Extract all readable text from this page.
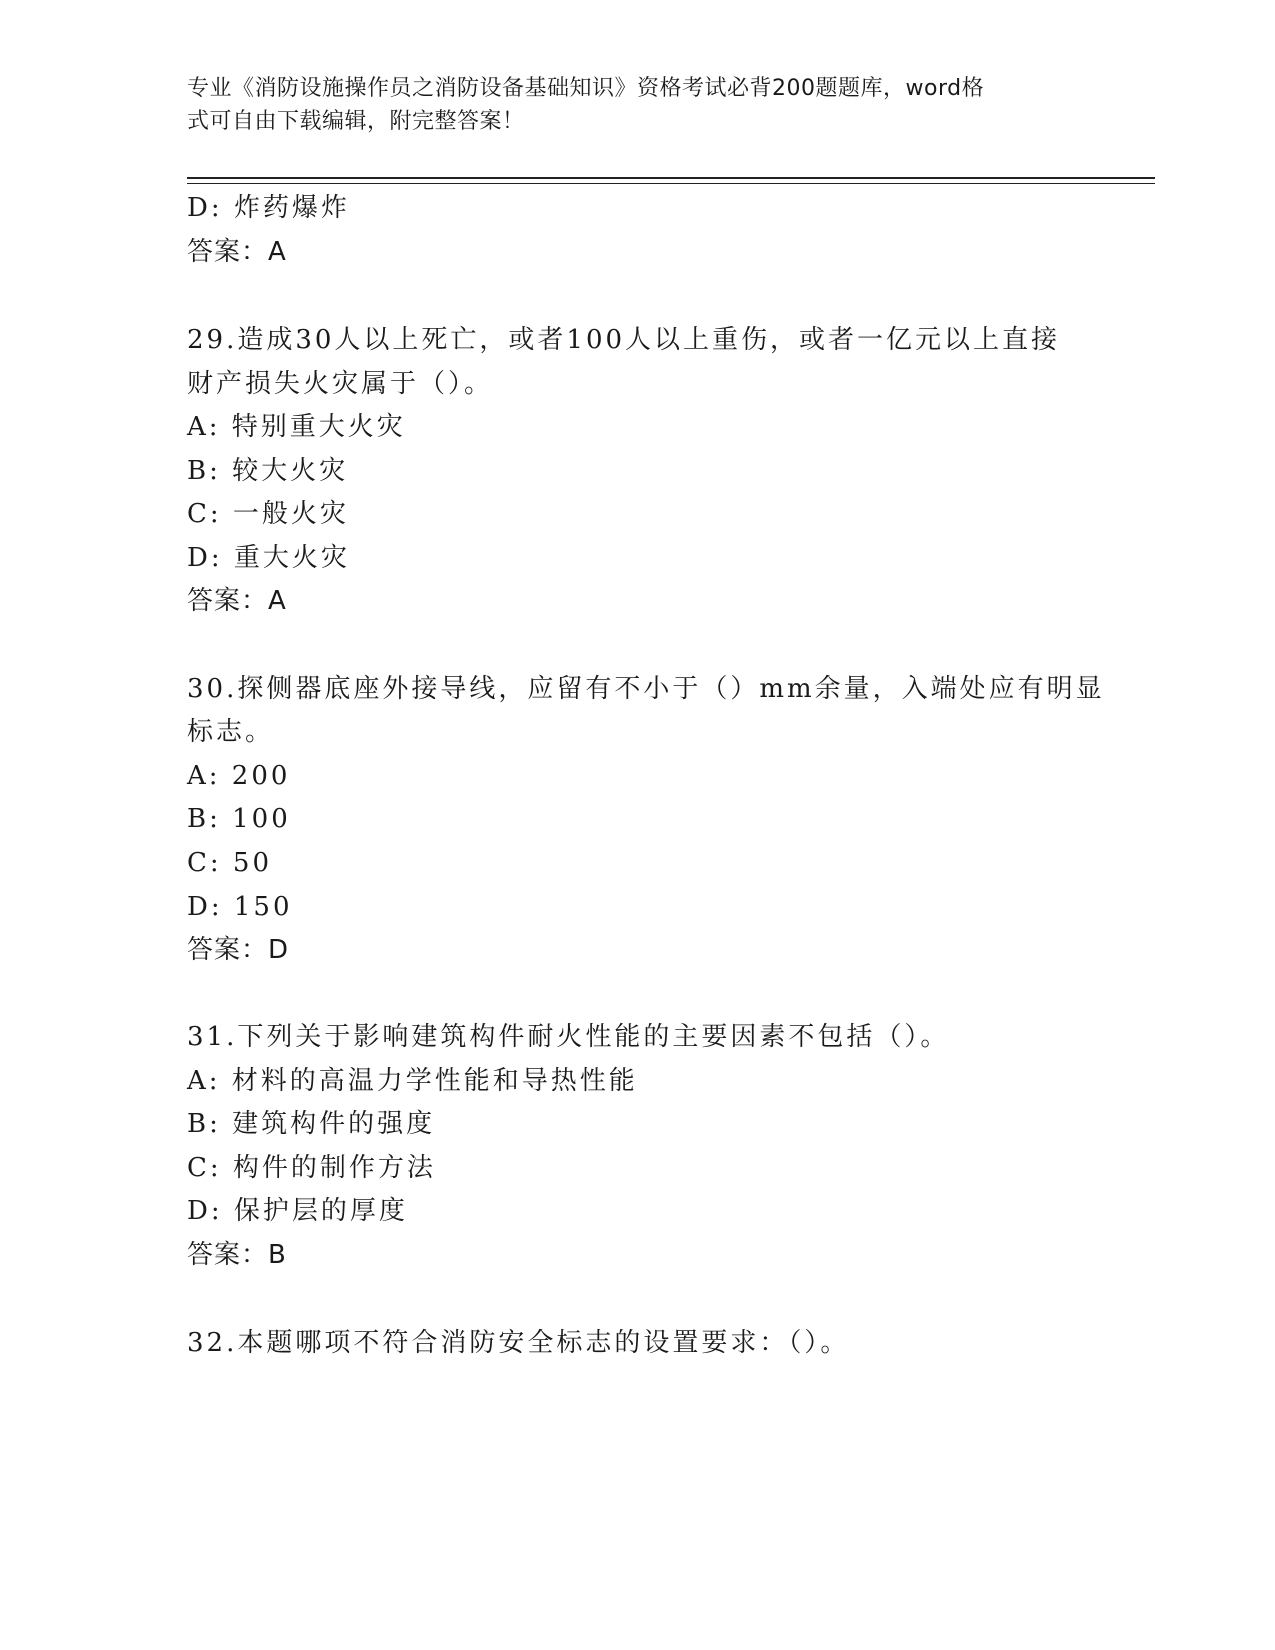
专业《消防设施操作员之消防设备基础知识》资格考试必背200题题库，word格
式可自由下载编辑，附完整答案！
D: 炸药爆炸
答案：A
29.造成30人以上死亡，或者100人以上重伤，或者一亿元以上直接
财产损失火灾属于（）。
A: 特别重大火灾
B: 较大火灾
C: 一般火灾
D: 重大火灾
答案：A
30.探侧器底座外接导线，应留有不小于（）mm余量，入端处应有明显
标志。
A: 200
B: 100
C: 50
D: 150
答案：D
31.下列关于影响建筑构件耐火性能的主要因素不包括（）。
A: 材料的高温力学性能和导热性能
B: 建筑构件的强度
C: 构件的制作方法
D: 保护层的厚度
答案：B
32.本题哪项不符合消防安全标志的设置要求：（）。
